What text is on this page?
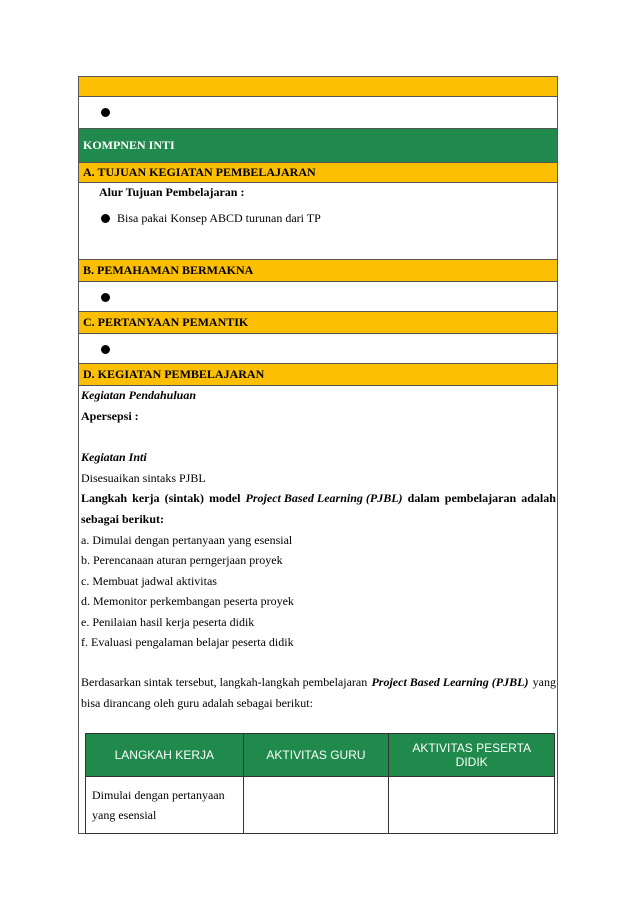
KOMPNEN INTI
A. TUJUAN KEGIATAN PEMBELAJARAN
Alur Tujuan Pembelajaran :
Bisa pakai Konsep ABCD turunan dari TP
B. PEMAHAMAN BERMAKNA
C. PERTANYAAN PEMANTIK
D. KEGIATAN PEMBELAJARAN
Kegiatan Pendahuluan
Apersepsi :
Kegiatan Inti
Disesuaikan sintaks PJBL
Langkah kerja (sintak) model Project Based Learning (PJBL) dalam pembelajaran adalah
sebagai berikut:
a. Dimulai dengan pertanyaan yang esensial
b. Perencanaan aturan perngerjaan proyek
c. Membuat jadwal aktivitas
d. Memonitor perkembangan peserta proyek
e. Penilaian hasil kerja peserta didik
f. Evaluasi pengalaman belajar peserta didik
Berdasarkan sintak tersebut, langkah-langkah pembelajaran Project Based Learning (PJBL) yang
bisa dirancang oleh guru adalah sebagai berikut:
LANGKAH KERJA	AKTIVITAS GURU	AKTIVITAS PESERTA DIDIK
Dimulai dengan pertanyaan yang esensial		
